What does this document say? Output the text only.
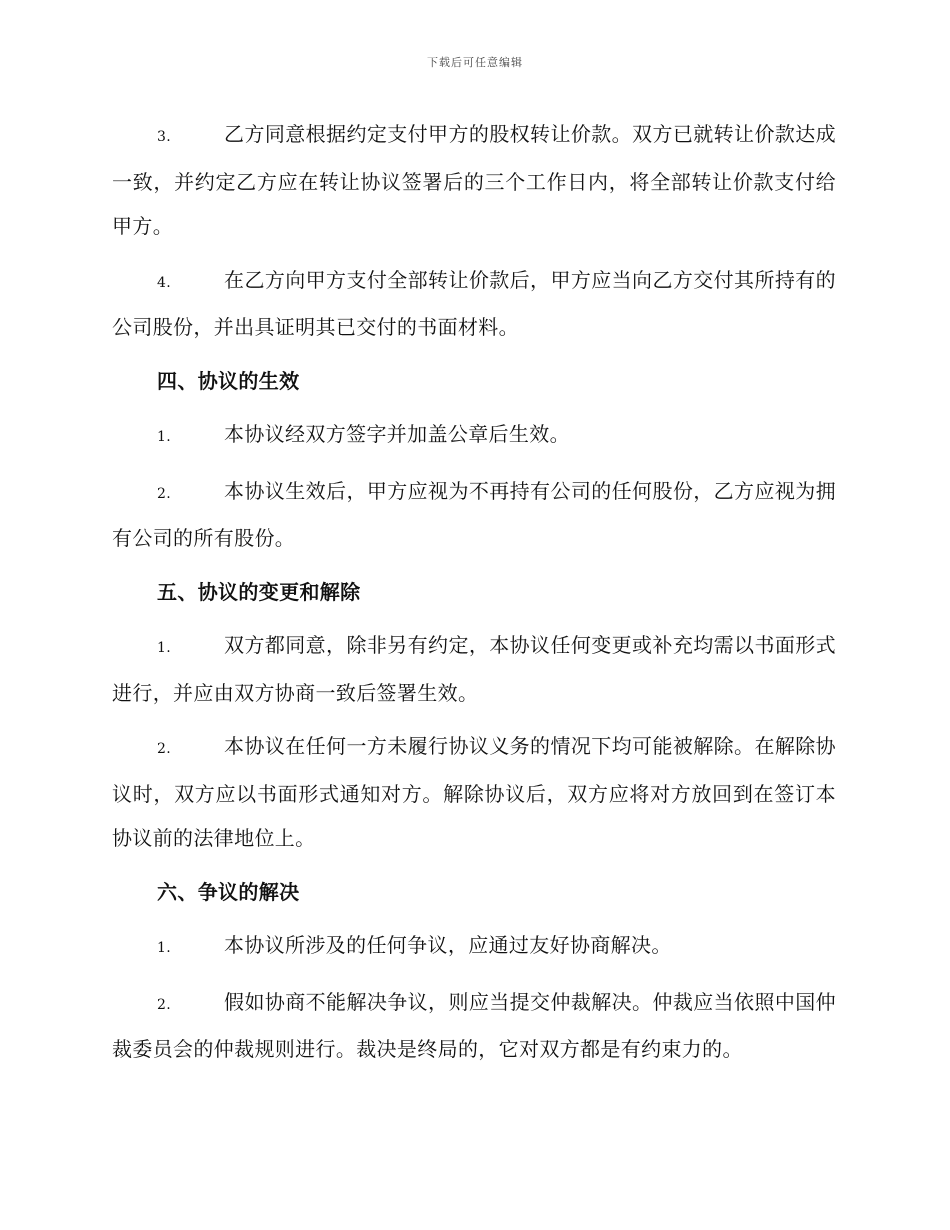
下载后可任意编辑

3.	乙方同意根据约定支付甲方的股权转让价款。双方已就转让价款达成一致，并约定乙方应在转让协议签署后的三个工作日内，将全部转让价款支付给甲方。

4.	在乙方向甲方支付全部转让价款后，甲方应当向乙方交付其所持有的公司股份，并出具证明其已交付的书面材料。

四、协议的生效

1.	本协议经双方签字并加盖公章后生效。

2.	本协议生效后，甲方应视为不再持有公司的任何股份，乙方应视为拥有公司的所有股份。

五、协议的变更和解除

1.	双方都同意，除非另有约定，本协议任何变更或补充均需以书面形式进行，并应由双方协商一致后签署生效。

2.	本协议在任何一方未履行协议义务的情况下均可能被解除。在解除协议时，双方应以书面形式通知对方。解除协议后，双方应将对方放回到在签订本协议前的法律地位上。

六、争议的解决

1.	本协议所涉及的任何争议，应通过友好协商解决。

2.	假如协商不能解决争议，则应当提交仲裁解决。仲裁应当依照中国仲裁委员会的仲裁规则进行。裁决是终局的，它对双方都是有约束力的。
